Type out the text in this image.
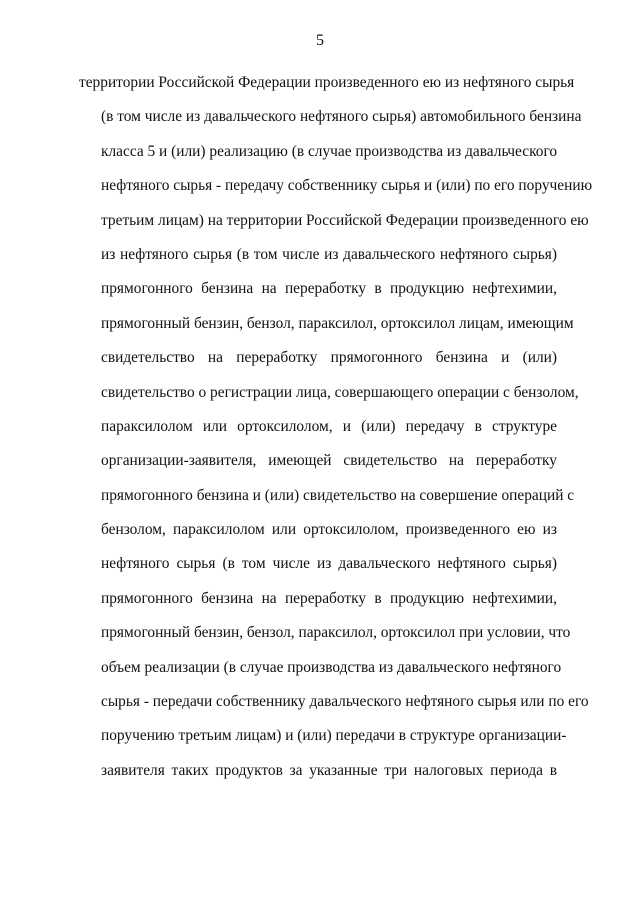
5
территории Российской Федерации произведенного ею из нефтяного сырья
(в том числе из давальческого нефтяного сырья) автомобильного бензина
класса 5 и (или) реализацию (в случае производства из давальческого
нефтяного сырья - передачу собственнику сырья и (или) по его поручению
третьим лицам) на территории Российской Федерации произведенного ею
из нефтяного сырья (в том числе из давальческого нефтяного сырья)
прямогонного бензина на переработку в продукцию нефтехимии,
прямогонный бензин, бензол, параксилол, ортоксилол лицам, имеющим
свидетельство на переработку прямогонного бензина и (или)
свидетельство о регистрации лица, совершающего операции с бензолом,
параксилолом или ортоксилолом, и (или) передачу в структуре
организации-заявителя, имеющей свидетельство на переработку
прямогонного бензина и (или) свидетельство на совершение операций с
бензолом, параксилолом или ортоксилолом, произведенного ею из
нефтяного сырья (в том числе из давальческого нефтяного сырья)
прямогонного бензина на переработку в продукцию нефтехимии,
прямогонный бензин, бензол, параксилол, ортоксилол при условии, что
объем реализации (в случае производства из давальческого нефтяного
сырья - передачи собственнику давальческого нефтяного сырья или по его
поручению третьим лицам) и (или) передачи в структуре организации-
заявителя таких продуктов за указанные три налоговых периода в
